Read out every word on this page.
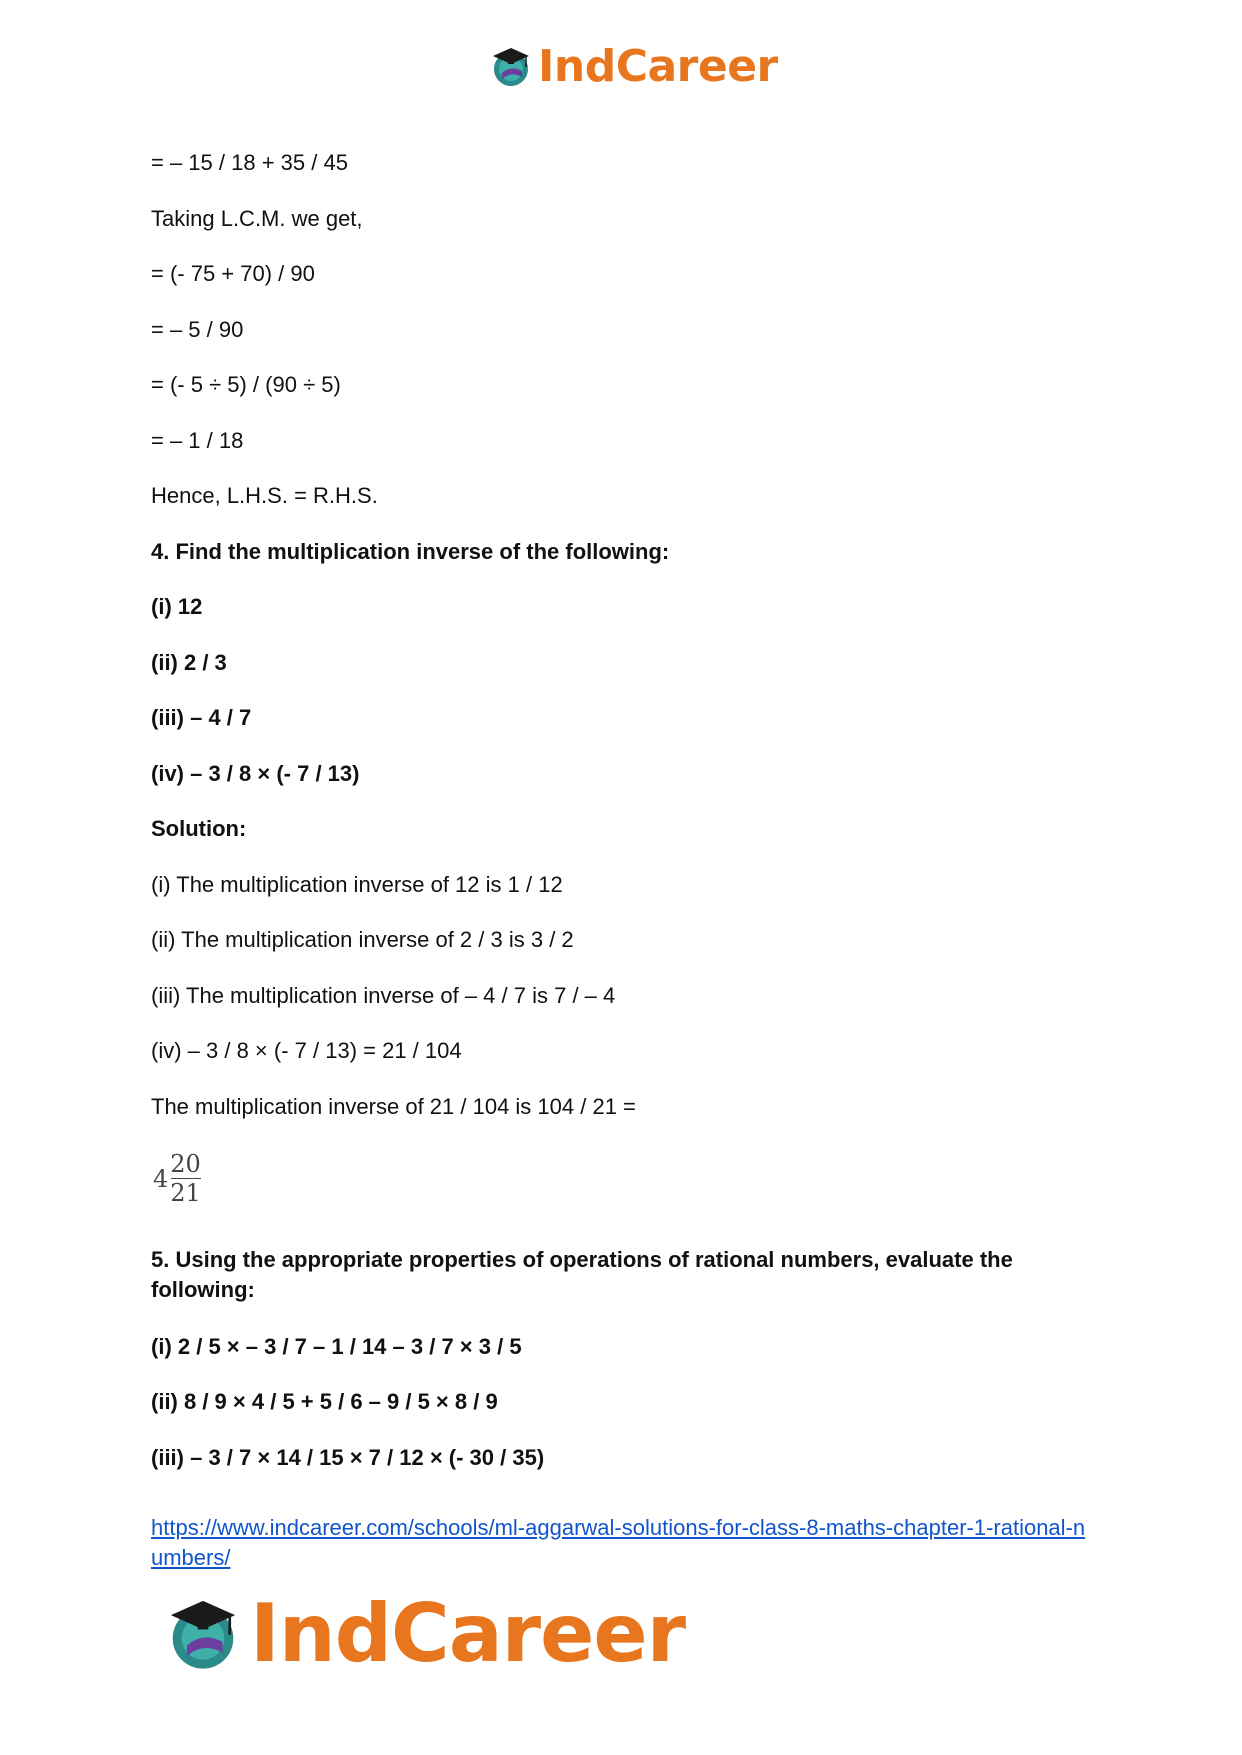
IndCareer

= – 15 / 18 + 35 / 45

Taking L.C.M. we get,

= (- 75 + 70) / 90

= – 5 / 90

= (- 5 ÷ 5) / (90 ÷ 5)

= – 1 / 18

Hence, L.H.S. = R.H.S.

4. Find the multiplication inverse of the following:

(i) 12

(ii) 2 / 3

(iii) – 4 / 7

(iv) – 3 / 8 × (- 7 / 13)

Solution:

(i) The multiplication inverse of 12 is 1 / 12

(ii) The multiplication inverse of 2 / 3 is 3 / 2

(iii) The multiplication inverse of – 4 / 7 is 7 / – 4

(iv) – 3 / 8 × (- 7 / 13) = 21 / 104

The multiplication inverse of 21 / 104 is 104 / 21 =

$4 \frac{20}{21}$

5. Using the appropriate properties of operations of rational numbers, evaluate the following:

(i) 2 / 5 × – 3 / 7 – 1 / 14 – 3 / 7 × 3 / 5

(ii) 8 / 9 × 4 / 5 + 5 / 6 – 9 / 5 × 8 / 9

(iii) – 3 / 7 × 14 / 15 × 7 / 12 × (- 30 / 35)

https://www.indcareer.com/schools/ml-aggarwal-solutions-for-class-8-maths-chapter-1-rational-numbers/
IndCareer
